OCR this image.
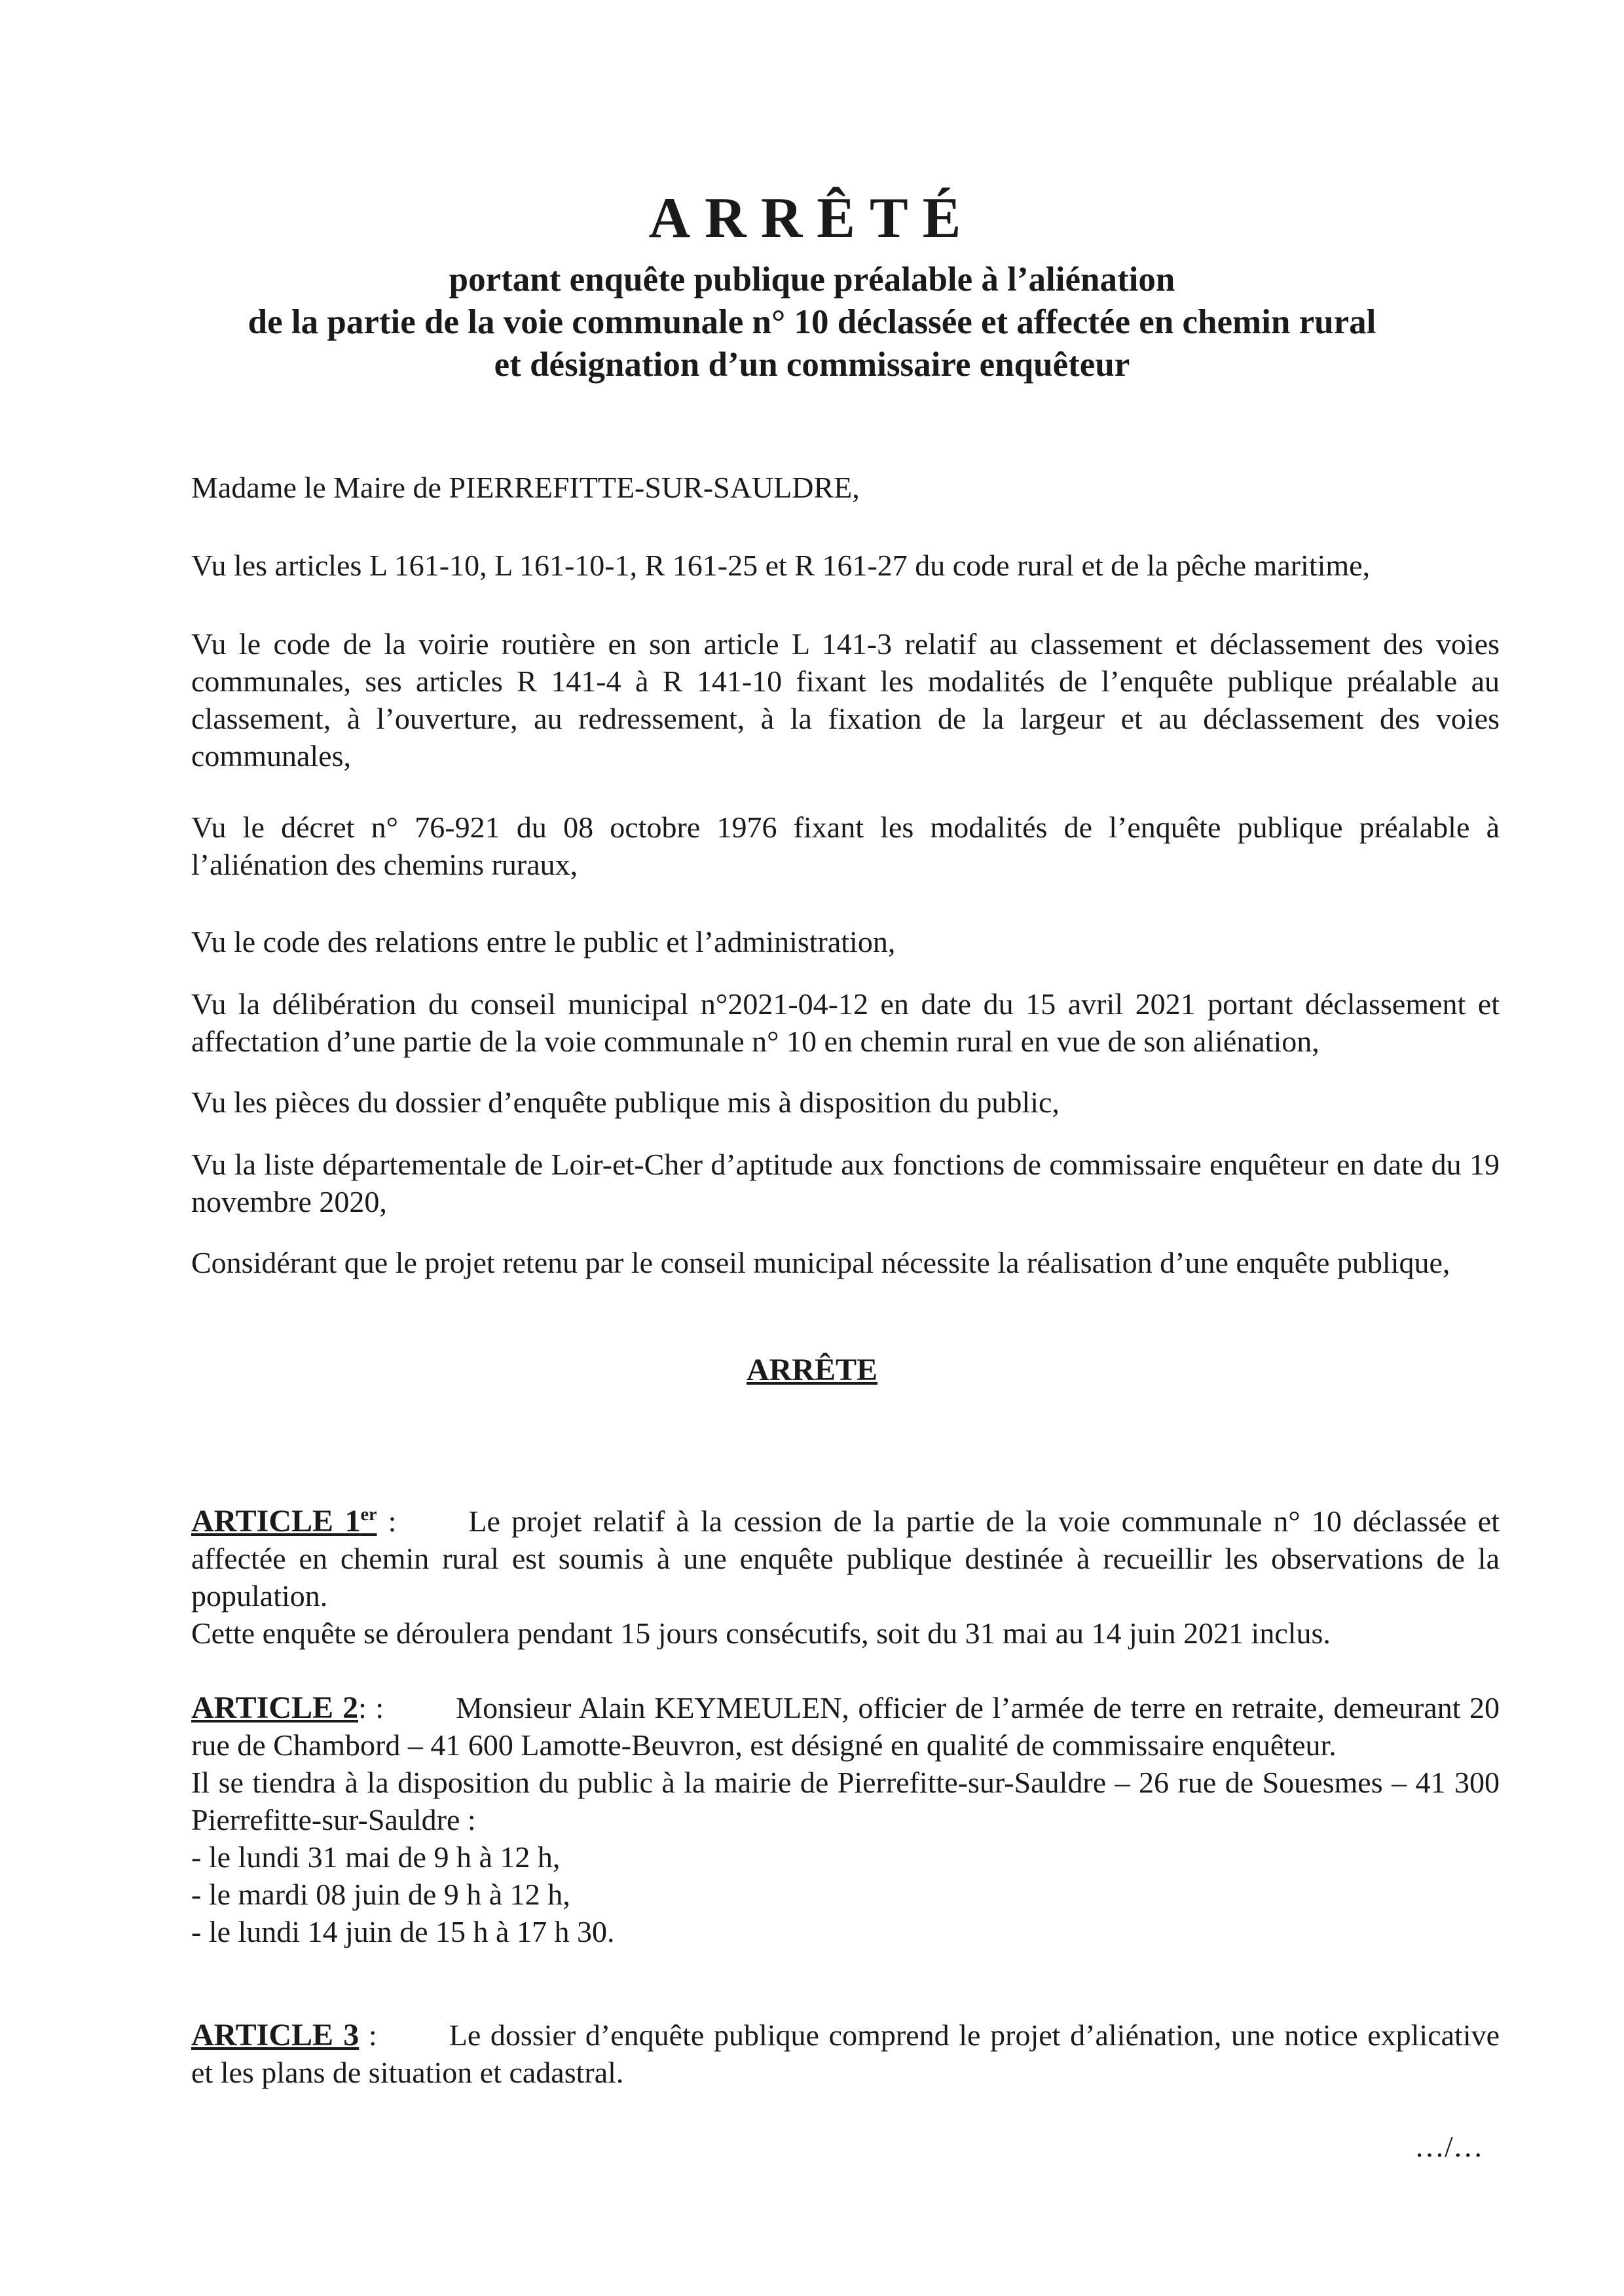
ARRÊTÉ
portant enquête publique préalable à l’aliénation
de la partie de la voie communale n° 10 déclassée et affectée en chemin rural
et désignation d’un commissaire enquêteur

Madame le Maire de PIERREFITTE-SUR-SAULDRE,

Vu les articles L 161-10, L 161-10-1, R 161-25 et R 161-27 du code rural et de la pêche maritime,

Vu le code de la voirie routière en son article L 141-3 relatif au classement et déclassement des voies communales, ses articles R 141-4 à R 141-10 fixant les modalités de l’enquête publique préalable au classement, à l’ouverture, au redressement, à la fixation de la largeur et au déclassement des voies communales,

Vu le décret n° 76-921 du 08 octobre 1976 fixant les modalités de l’enquête publique préalable à l’aliénation des chemins ruraux,

Vu le code des relations entre le public et l’administration,

Vu la délibération du conseil municipal n°2021-04-12 en date du 15 avril 2021 portant déclassement et affectation d’une partie de la voie communale n° 10 en chemin rural en vue de son aliénation,

Vu les pièces du dossier d’enquête publique mis à disposition du public,

Vu la liste départementale de Loir-et-Cher d’aptitude aux fonctions de commissaire enquêteur en date du 19 novembre 2020,

Considérant que le projet retenu par le conseil municipal nécessite la réalisation d’une enquête publique,

ARRÊTE
ARTICLE 1er : Le projet relatif à la cession de la partie de la voie communale n° 10 déclassée et affectée en chemin rural est soumis à une enquête publique destinée à recueillir les observations de la population.
Cette enquête se déroulera pendant 15 jours consécutifs, soit du 31 mai au 14 juin 2021 inclus.
ARTICLE 2: : Monsieur Alain KEYMEULEN, officier de l’armée de terre en retraite, demeurant 20 rue de Chambord – 41 600 Lamotte-Beuvron, est désigné en qualité de commissaire enquêteur.
Il se tiendra à la disposition du public à la mairie de Pierrefitte-sur-Sauldre – 26 rue de Souesmes – 41 300 Pierrefitte-sur-Sauldre :
- le lundi 31 mai de 9 h à 12 h,
- le mardi 08 juin de 9 h à 12 h,
- le lundi 14 juin de 15 h à 17 h 30.
ARTICLE 3 : Le dossier d’enquête publique comprend le projet d’aliénation, une notice explicative et les plans de situation et cadastral.
…/…
